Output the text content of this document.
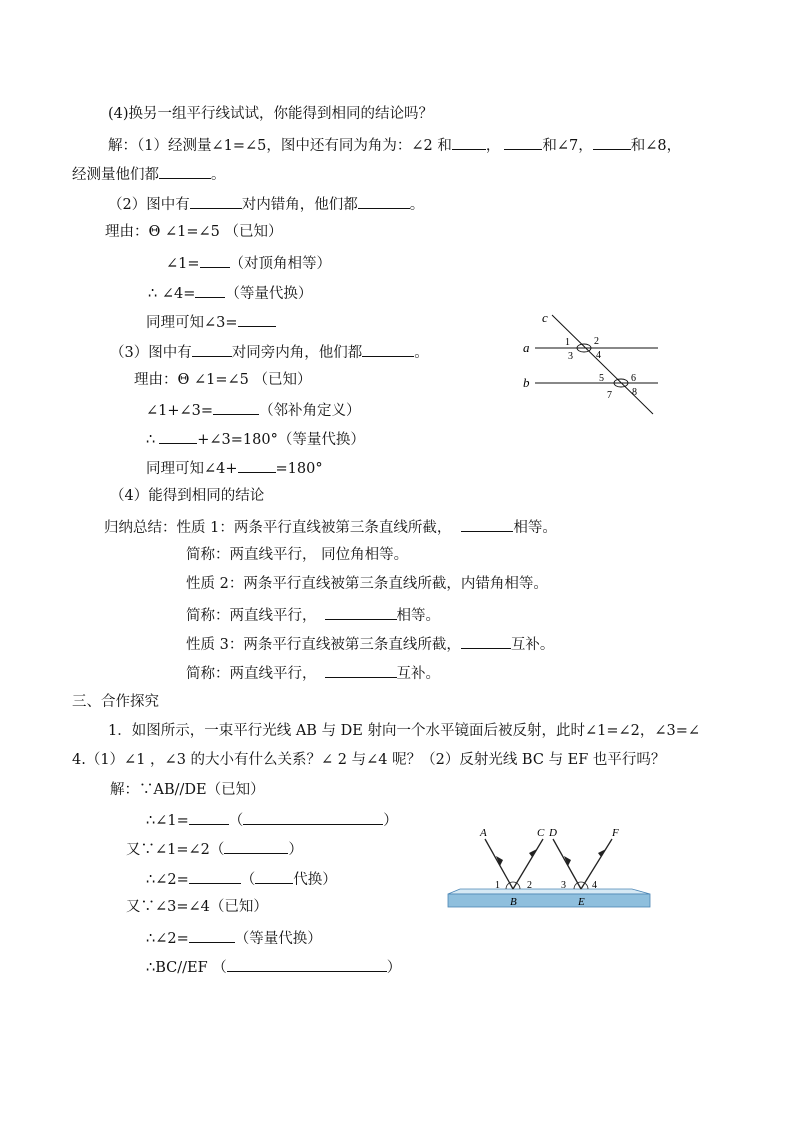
(4)换另一组平行线试试，你能得到相同的结论吗？
解：（1）经测量∠1=∠5，图中还有同为角为：∠2 和 ，	和∠7，	和∠8，
经测量他们都	。
（2）图中有	对内错角，他们都	。
理由：Θ ∠1=∠5 （已知）
∠1= （对顶角相等）
∴ ∠4= （等量代换）
同理可知∠3=
（3）图中有	对同旁内角，他们都	。
理由：Θ ∠1=∠5 （已知）
∠1+∠3=	（邻补角定义）
∴	+∠3=180°（等量代换）
同理可知∠4+	=180°
（4）能得到相同的结论
归纳总结：性质 1：两条平行直线被第三条直线所截，	相等。
简称：两直线平行， 同位角相等。
性质 2：两条平行直线被第三条直线所截，内错角相等。
简称：两直线平行，	相等。
性质 3：两条平行直线被第三条直线所截，	互补。
简称：两直线平行，	互补。
三、合作探究
1．如图所示，一束平行光线 AB 与 DE 射向一个水平镜面后被反射，此时∠1=∠2，∠3=∠
4.（1）∠1 ，∠3 的大小有什么关系？∠ 2 与∠4 呢？（2）反射光线 BC 与 EF 也平行吗？
解：∵AB//DE（已知）
∴∠1=	（	）
又∵∠1=∠2（	）
∴∠2=	（	代换）
又∵∠3=∠4（已知）
∴∠2=	（等量代换）
∴BC//EF （	）
c
a
b
1 2
3 4
5	6
7 8
A	C D	F
B	E
1	2	3	4
